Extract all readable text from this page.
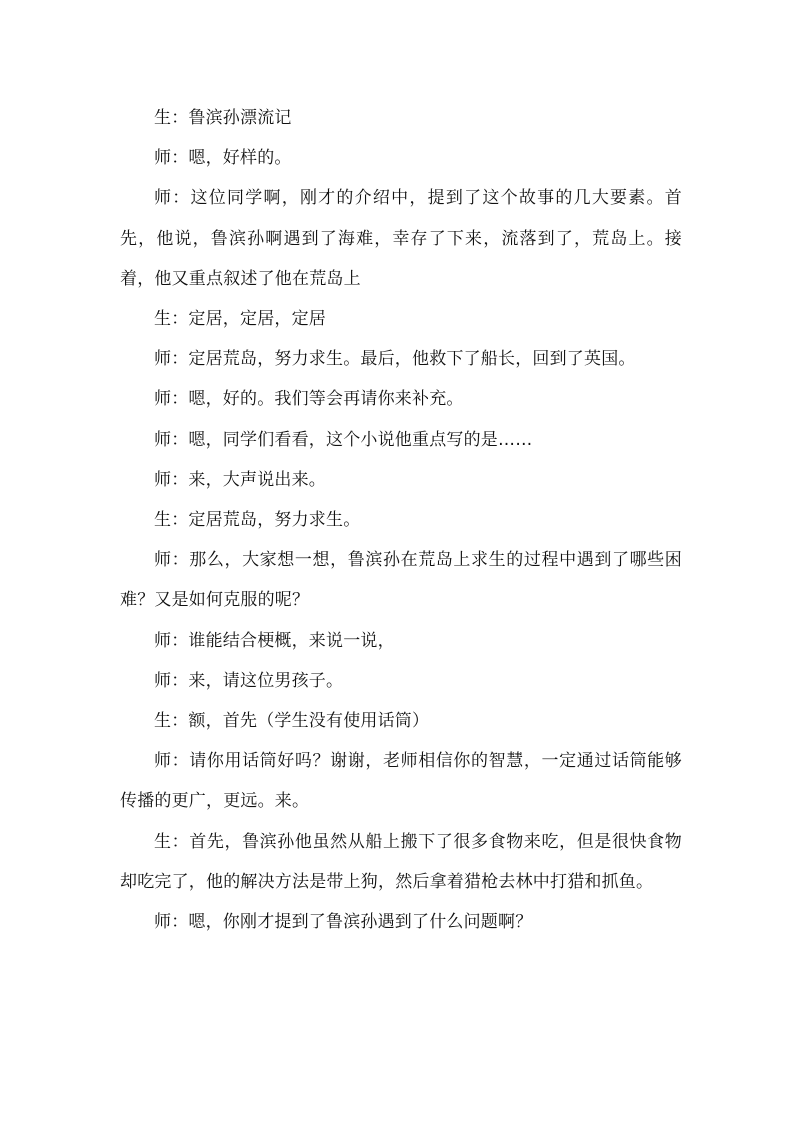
生：鲁滨孙漂流记

师：嗯，好样的。

师：这位同学啊，刚才的介绍中，提到了这个故事的几大要素。首先，他说，鲁滨孙啊遇到了海难，幸存了下来，流落到了，荒岛上。接着，他又重点叙述了他在荒岛上

生：定居，定居，定居

师：定居荒岛，努力求生。最后，他救下了船长，回到了英国。

师：嗯，好的。我们等会再请你来补充。

师：嗯，同学们看看，这个小说他重点写的是……

师：来，大声说出来。

生：定居荒岛，努力求生。

师：那么，大家想一想，鲁滨孙在荒岛上求生的过程中遇到了哪些困难？又是如何克服的呢？

师：谁能结合梗概，来说一说，

师：来，请这位男孩子。

生：额，首先（学生没有使用话筒）

师：请你用话筒好吗？谢谢，老师相信你的智慧，一定通过话筒能够传播的更广，更远。来。

生：首先，鲁滨孙他虽然从船上搬下了很多食物来吃，但是很快食物却吃完了，他的解决方法是带上狗，然后拿着猎枪去林中打猎和抓鱼。

师：嗯，你刚才提到了鲁滨孙遇到了什么问题啊？
